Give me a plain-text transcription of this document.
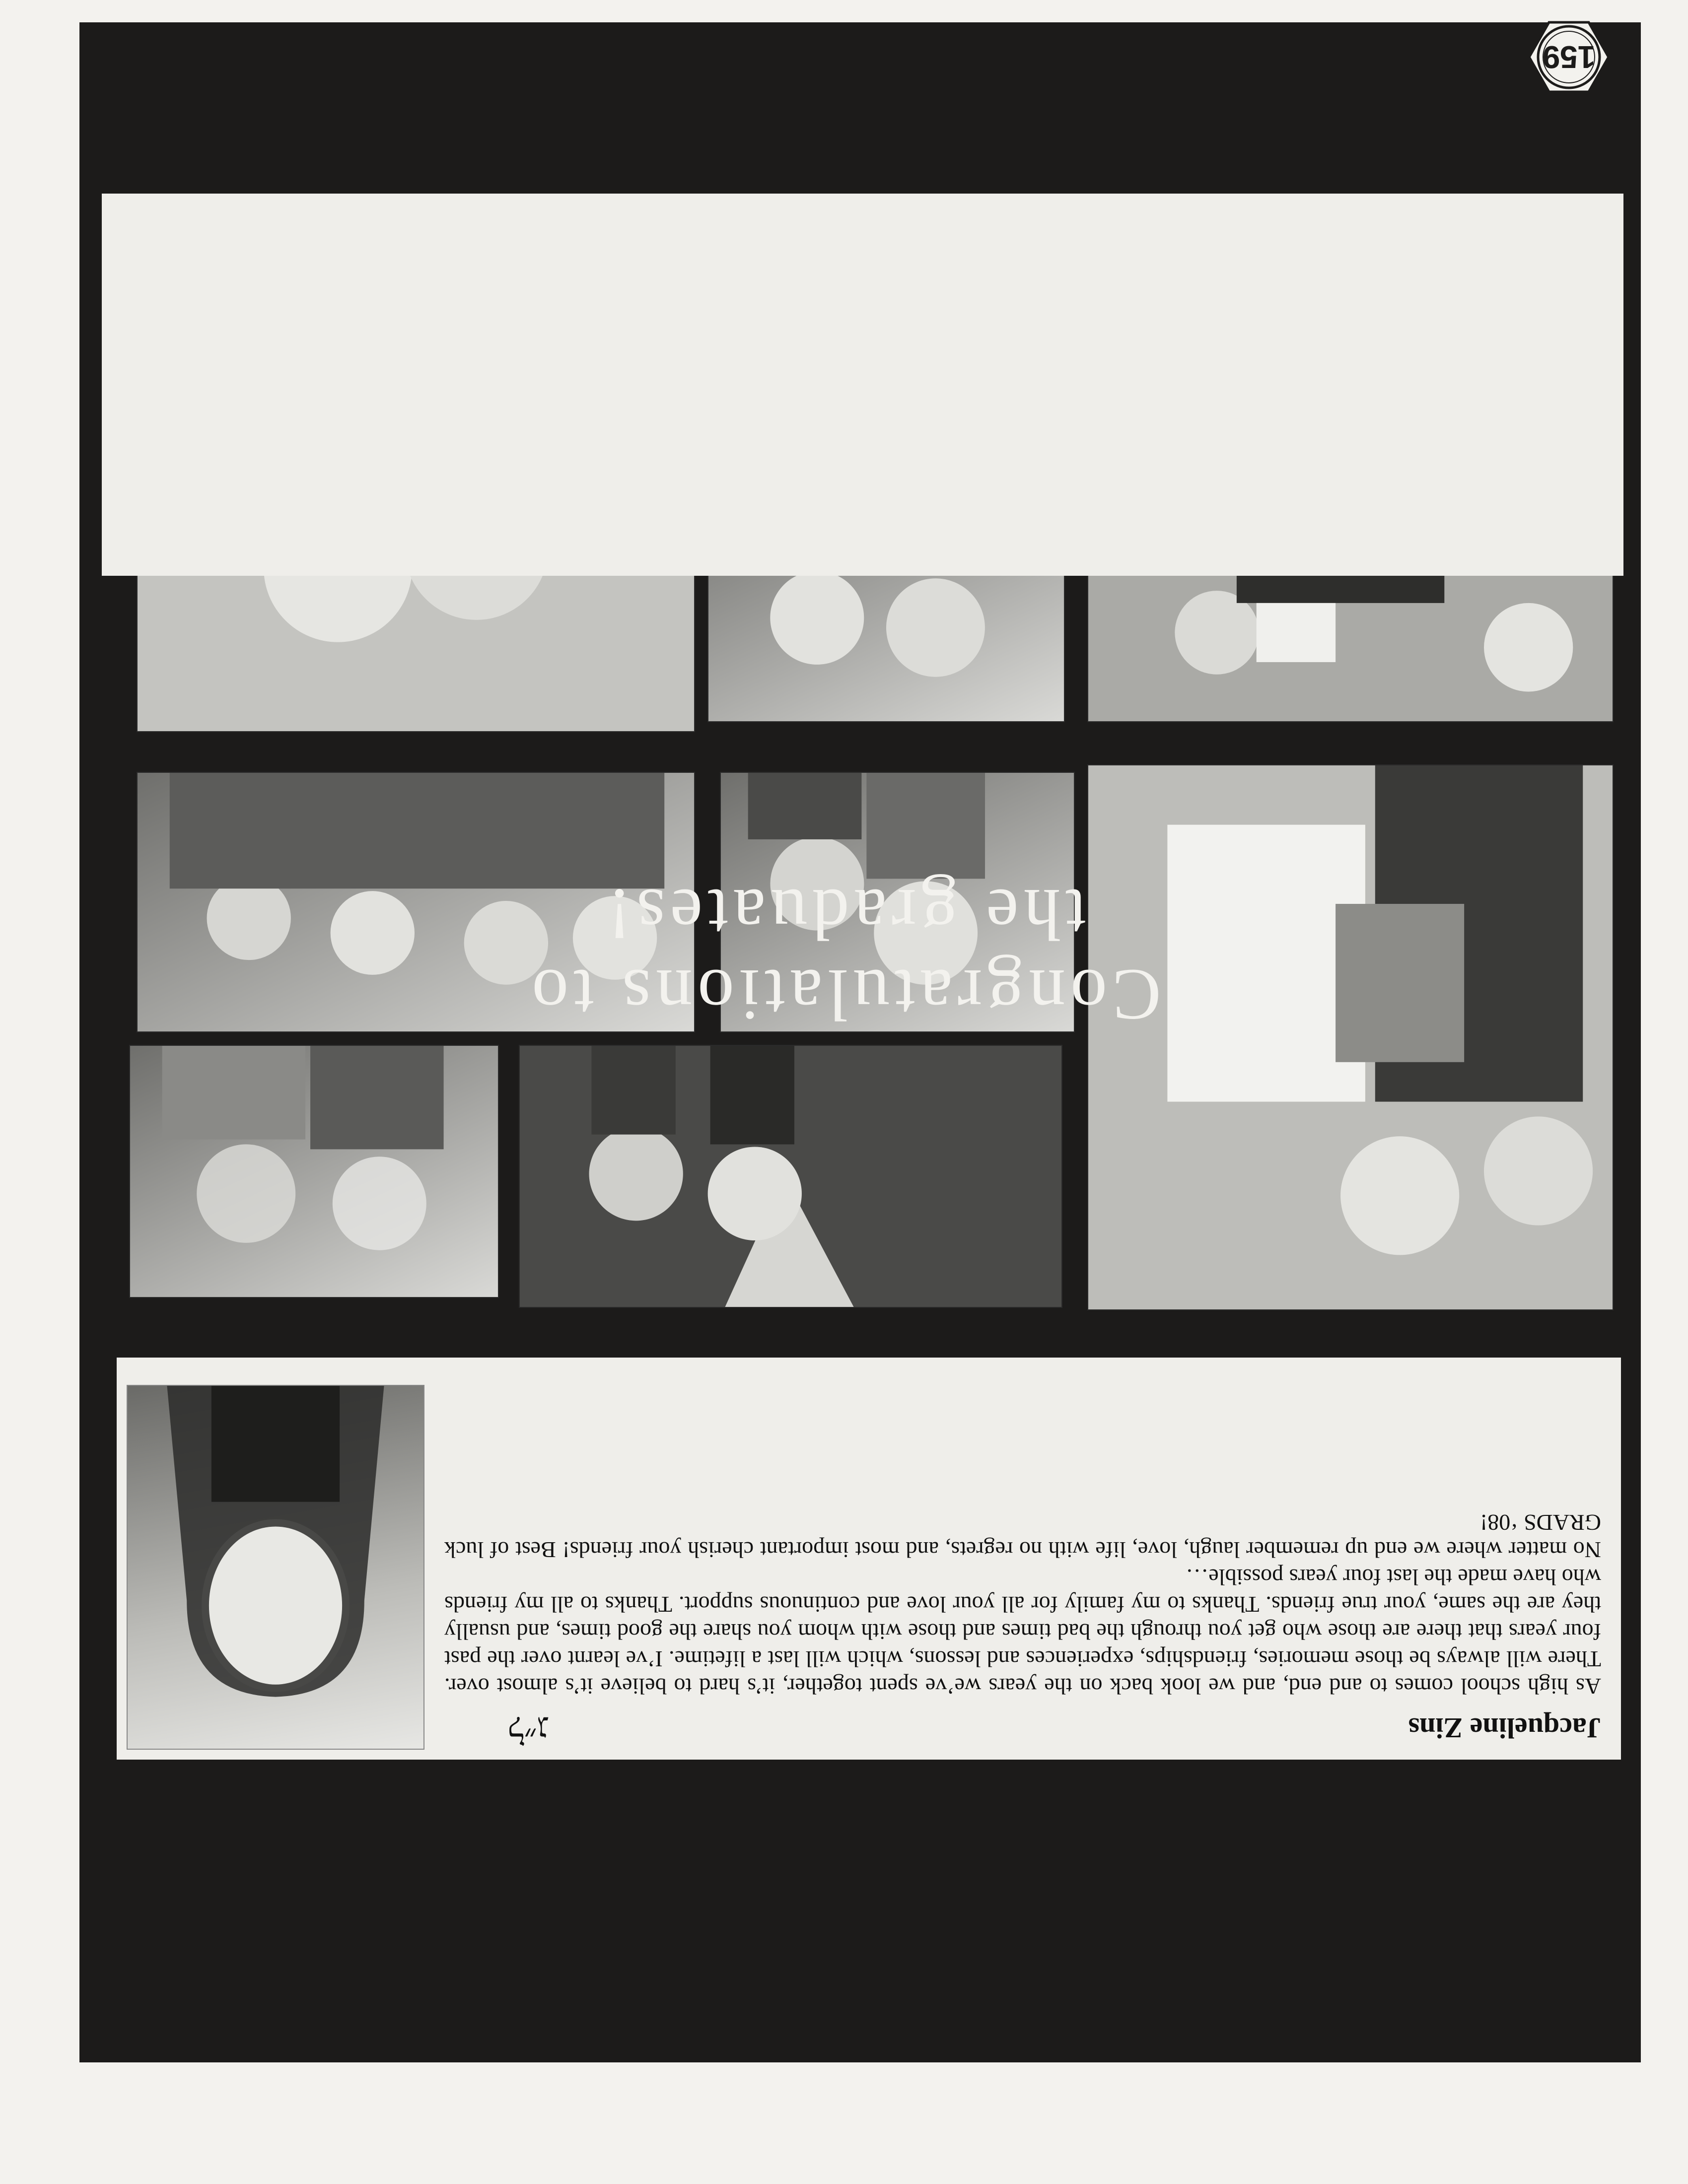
Congratulations to
the graduates!
Jacqueline Zins
ל״ג

As high school comes to and end, and we look back on the years we’ve spent together, it’s hard to believe it’s almost over. There will always be those memories, friendships, experiences and lessons, which will last a lifetime. I’ve learnt over the past four years that there are those who get you through the bad times and those with whom you share the good times, and usually they are the same, your true friends. Thanks to my family for all your love and continuous support. Thanks to all my friends who have made the last four years possible…

No matter where we end up remember laugh, love, life with no regrets, and most important cherish your friends! Best of luck GRADS ‘08!

159
